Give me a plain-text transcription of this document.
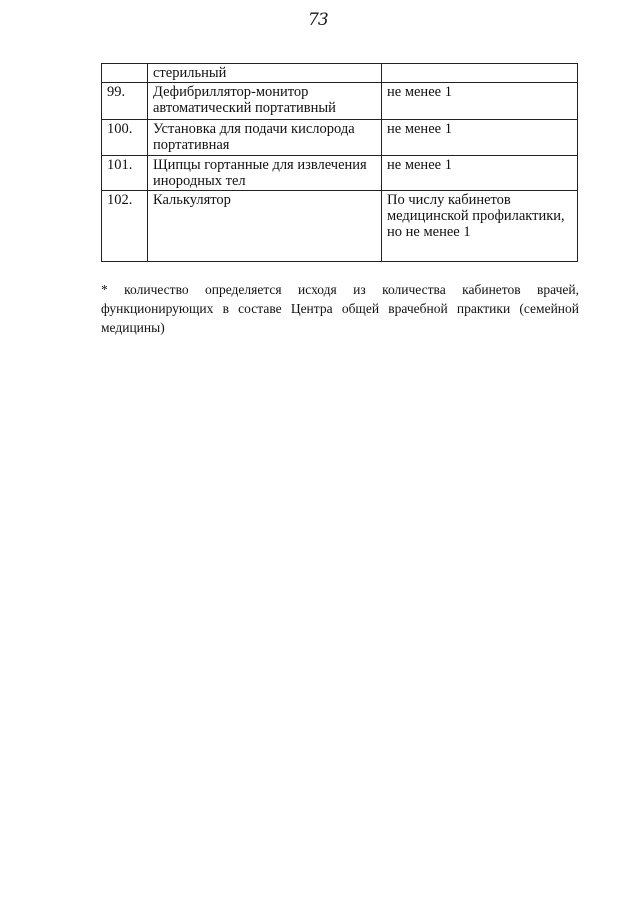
73
	стерильный	
99.	Дефибриллятор-монитор автоматический портативный	не менее 1
100.	Установка для подачи кислорода портативная	не менее 1
101.	Щипцы гортанные для извлечения инородных тел	не менее 1
102.	Калькулятор	По числу кабинетов медицинской профилактики, но не менее 1
* количество определяется исходя из количества кабинетов врачей, функционирующих в составе Центра общей врачебной практики (семейной медицины)
